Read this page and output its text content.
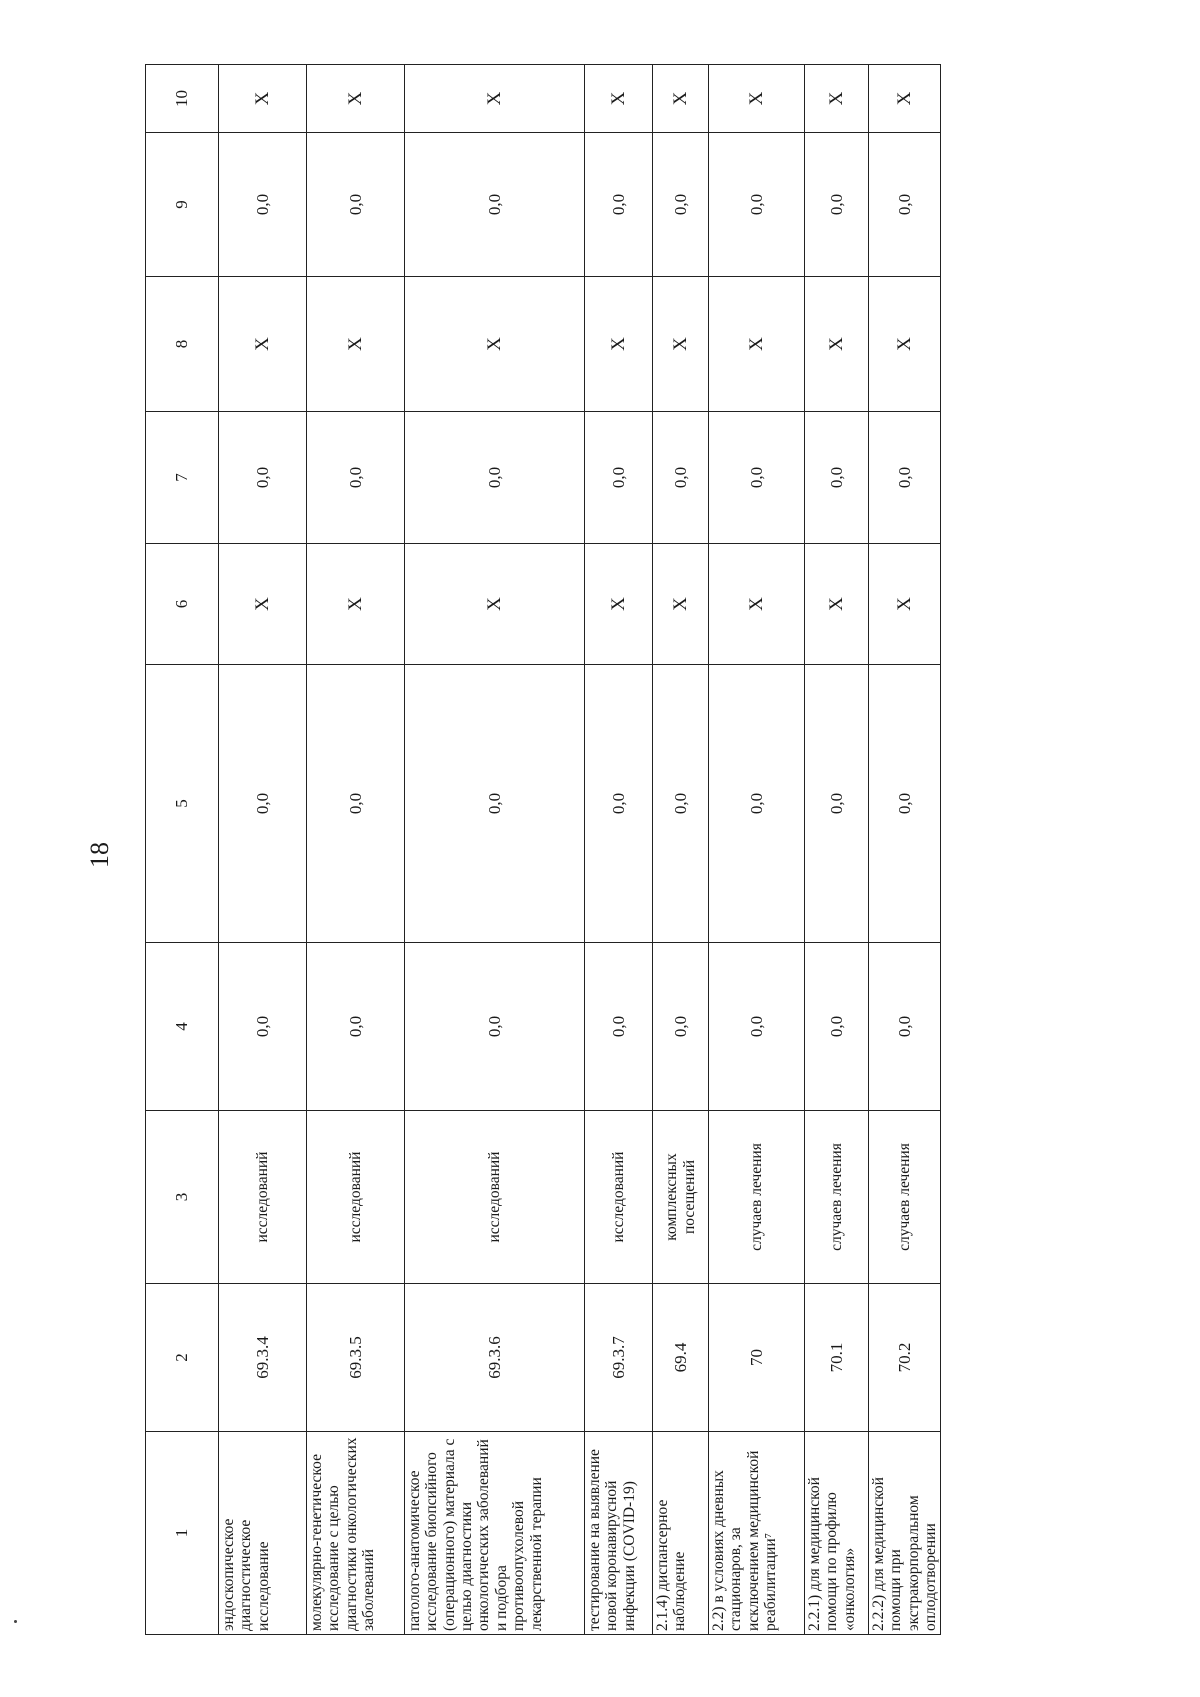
18
1	2	3	4	5	6	7	8	9	10
эндоскопическое диагностическое исследование	69.3.4	исследований	0,0	0,0	X	0,0	X	0,0	X
молекулярно-генетическое исследование с целью диагностики онкологических заболеваний	69.3.5	исследований	0,0	0,0	X	0,0	X	0,0	X
патолого-анатомическое исследование биопсийного (операционного) материала с целью диагностики онкологических заболеваний и подбора противоопухолевой лекарственной терапии	69.3.6	исследований	0,0	0,0	X	0,0	X	0,0	X
тестирование на выявление новой коронавирусной инфекции (COVID-19)	69.3.7	исследований	0,0	0,0	X	0,0	X	0,0	X
2.1.4) диспансерное наблюдение	69.4	комплексных посещений	0,0	0,0	X	0,0	X	0,0	X
2.2) в условиях дневных стационаров, за исключением медицинской реабилитации⁷	70	случаев лечения	0,0	0,0	X	0,0	X	0,0	X
2.2.1) для медицинской помощи по профилю «онкология»	70.1	случаев лечения	0,0	0,0	X	0,0	X	0,0	X
2.2.2) для медицинской помощи при экстракорпоральном оплодотворении	70.2	случаев лечения	0,0	0,0	X	0,0	X	0,0	X
